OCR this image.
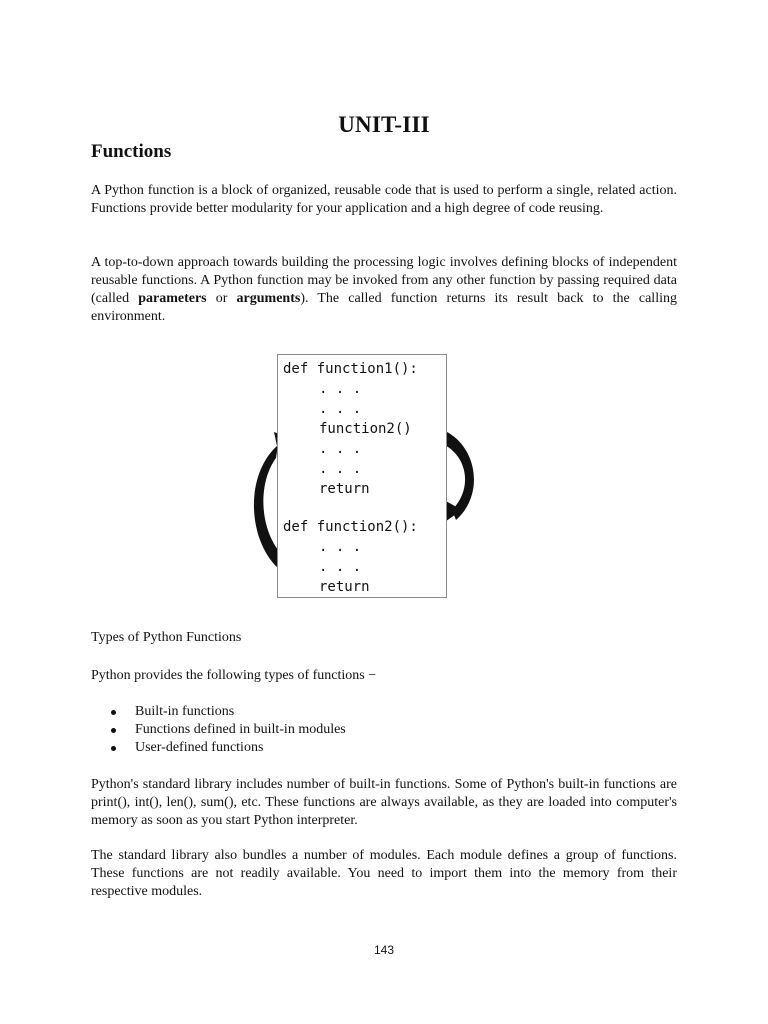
UNIT-III
Functions

A Python function is a block of organized, reusable code that is used to perform a single, related action. Functions provide better modularity for your application and a high degree of code reusing.

A top-to-down approach towards building the processing logic involves defining blocks of independent reusable functions. A Python function may be invoked from any other function by passing required data (called parameters or arguments). The called function returns its result back to the calling environment.

def function1():
. . .
. . .
function2()
. . .
. . .
return
def function2():
. . .
. . .
return
Types of Python Functions
Python provides the following types of functions −
Built-in functions
Functions defined in built-in modules
User-defined functions

Python's standard library includes number of built-in functions. Some of Python's built-in functions are print(), int(), len(), sum(), etc. These functions are always available, as they are loaded into computer's memory as soon as you start Python interpreter.

The standard library also bundles a number of modules. Each module defines a group of functions. These functions are not readily available. You need to import them into the memory from their respective modules.

143
